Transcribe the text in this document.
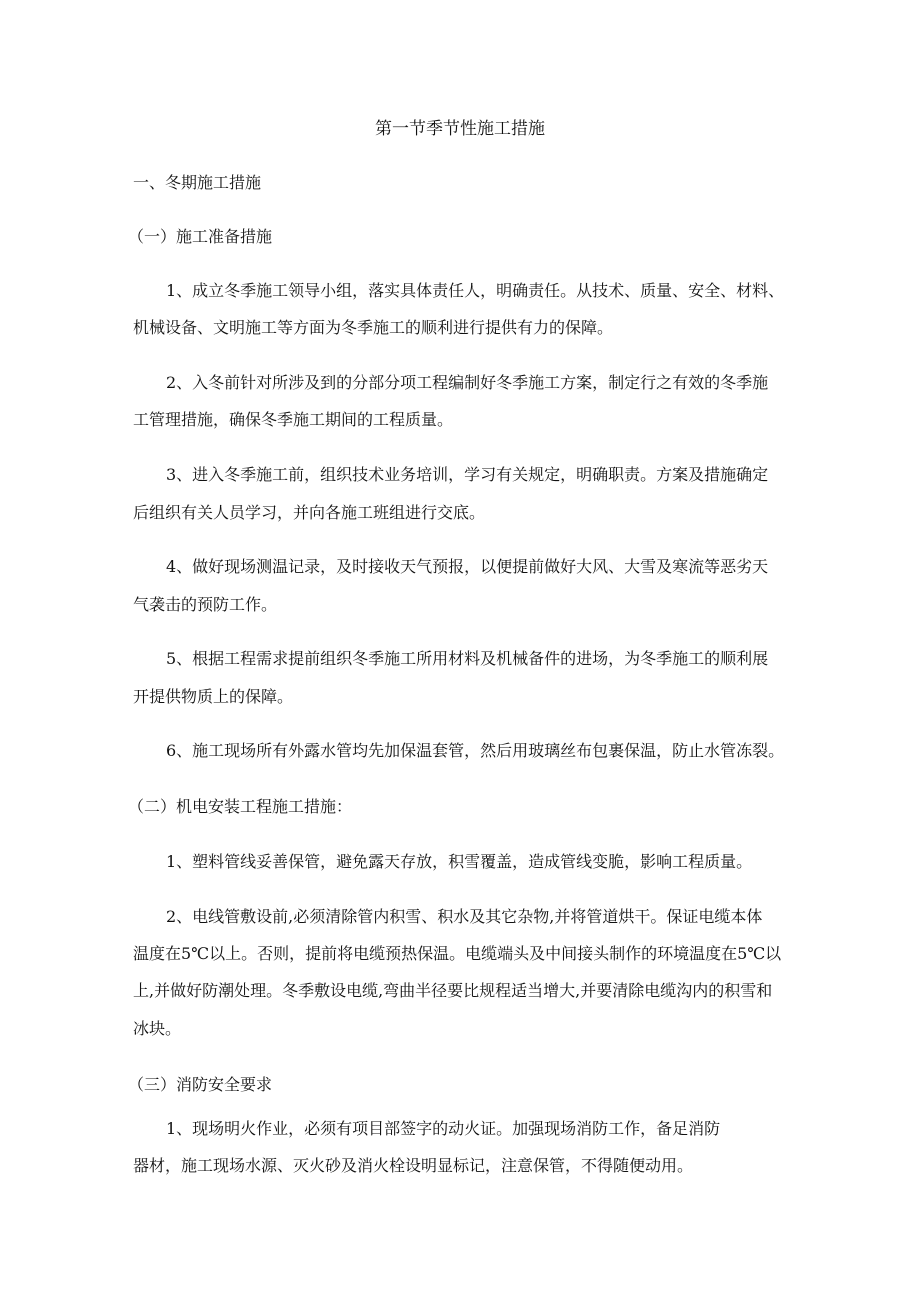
第一节季节性施工措施
一、冬期施工措施
（一）施工准备措施
1、成立冬季施工领导小组，落实具体责任人，明确责任。从技术、质量、安全、材料、
机械设备、文明施工等方面为冬季施工的顺利进行提供有力的保障。
2、入冬前针对所涉及到的分部分项工程编制好冬季施工方案，制定行之有效的冬季施
工管理措施，确保冬季施工期间的工程质量。
3、进入冬季施工前，组织技术业务培训，学习有关规定，明确职责。方案及措施确定
后组织有关人员学习，并向各施工班组进行交底。
4、做好现场测温记录，及时接收天气预报，以便提前做好大风、大雪及寒流等恶劣天
气袭击的预防工作。
5、根据工程需求提前组织冬季施工所用材料及机械备件的进场，为冬季施工的顺利展
开提供物质上的保障。
6、施工现场所有外露水管均先加保温套管，然后用玻璃丝布包裹保温，防止水管冻裂。
（二）机电安装工程施工措施：
1、塑料管线妥善保管，避免露天存放，积雪覆盖，造成管线变脆，影响工程质量。
2、电线管敷设前,必须清除管内积雪、积水及其它杂物,并将管道烘干。保证电缆本体
温度在5℃以上。否则，提前将电缆预热保温。电缆端头及中间接头制作的环境温度在5℃以
上,并做好防潮处理。冬季敷设电缆,弯曲半径要比规程适当增大,并要清除电缆沟内的积雪和
冰块。
（三）消防安全要求
1、现场明火作业，必须有项目部签字的动火证。加强现场消防工作，备足消防
器材，施工现场水源、灭火砂及消火栓设明显标记，注意保管，不得随便动用。
